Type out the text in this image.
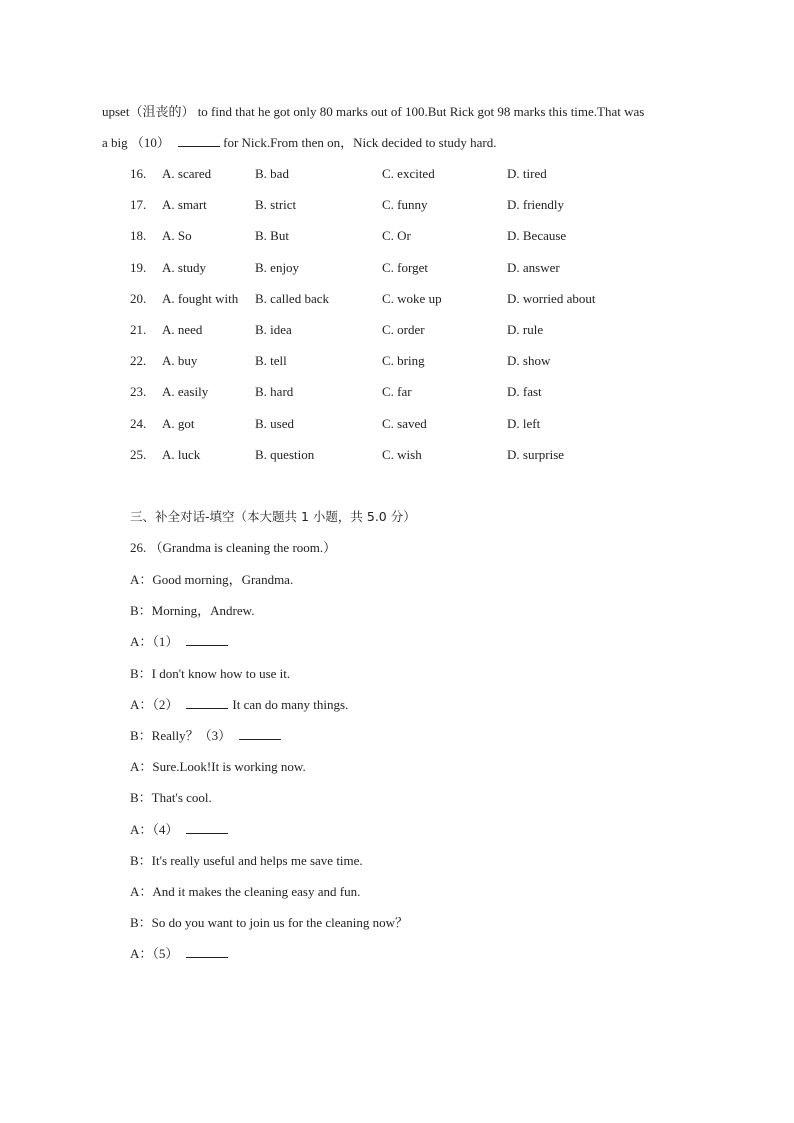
upset（沮丧的） to find that he got only 80 marks out of 100.But Rick got 98 marks this time.That was
a big （10）	for Nick.From then on，Nick decided to study hard.
16. A. scared	B. bad	C. excited	D. tired
17. A. smart	B. strict	C. funny	D. friendly
18. A. So	B. But	C. Or	D. Because
19. A. study	B. enjoy	C. forget	D. answer
20. A. fought with B. called back	C. woke up	D. worried about
21. A. need	B. idea	C. order	D. rule
22. A. buy	B. tell	C. bring	D. show
23. A. easily	B. hard	C. far	D. fast
24. A. got	B. used	C. saved	D. left
25. A. luck	B. question	C. wish	D. surprise
三、补全对话-填空（本大题共 1 小题，共 5.0 分）
26. （Grandma is cleaning the room.）
A：Good morning，Grandma.
B：Morning，Andrew.
A：（1）
B：I don't know how to use it.
A：（2）	It can do many things.
B：Really？（3）
A：Sure.Look!It is working now.
B：That's cool.
A：（4）
B：It's really useful and helps me save time.
A：And it makes the cleaning easy and fun.
B：So do you want to join us for the cleaning now？
A：（5）
